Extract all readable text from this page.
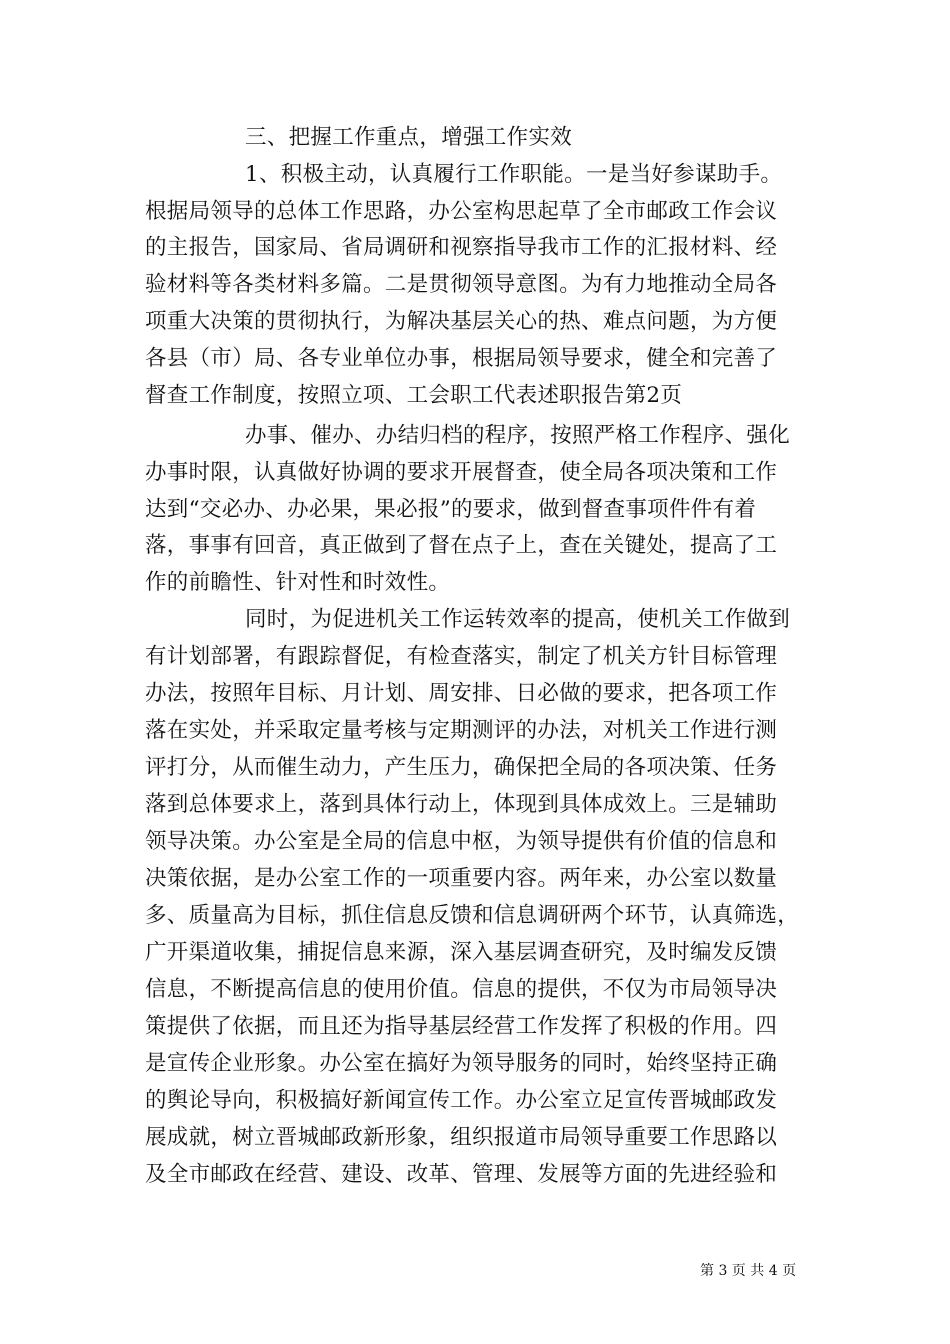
三、把握工作重点，增强工作实效
1、积极主动，认真履行工作职能。一是当好参谋助手。
根据局领导的总体工作思路，办公室构思起草了全市邮政工作会议
的主报告，国家局、省局调研和视察指导我市工作的汇报材料、经
验材料等各类材料多篇。二是贯彻领导意图。为有力地推动全局各
项重大决策的贯彻执行，为解决基层关心的热、难点问题，为方便
各县（市）局、各专业单位办事，根据局领导要求，健全和完善了
督查工作制度，按照立项、工会职工代表述职报告第2页
办事、催办、办结归档的程序，按照严格工作程序、强化
办事时限，认真做好协调的要求开展督查，使全局各项决策和工作
达到“交必办、办必果，果必报”的要求，做到督查事项件件有着
落，事事有回音，真正做到了督在点子上，查在关键处，提高了工
作的前瞻性、针对性和时效性。
同时，为促进机关工作运转效率的提高，使机关工作做到
有计划部署，有跟踪督促，有检查落实，制定了机关方针目标管理
办法，按照年目标、月计划、周安排、日必做的要求，把各项工作
落在实处，并采取定量考核与定期测评的办法，对机关工作进行测
评打分，从而催生动力，产生压力，确保把全局的各项决策、任务
落到总体要求上，落到具体行动上，体现到具体成效上。三是辅助
领导决策。办公室是全局的信息中枢，为领导提供有价值的信息和
决策依据，是办公室工作的一项重要内容。两年来，办公室以数量
多、质量高为目标，抓住信息反馈和信息调研两个环节，认真筛选，
广开渠道收集，捕捉信息来源，深入基层调查研究，及时编发反馈
信息，不断提高信息的使用价值。信息的提供，不仅为市局领导决
策提供了依据，而且还为指导基层经营工作发挥了积极的作用。四
是宣传企业形象。办公室在搞好为领导服务的同时，始终坚持正确
的舆论导向，积极搞好新闻宣传工作。办公室立足宣传晋城邮政发
展成就，树立晋城邮政新形象，组织报道市局领导重要工作思路以
及全市邮政在经营、建设、改革、管理、发展等方面的先进经验和
第 3 页 共 4 页
